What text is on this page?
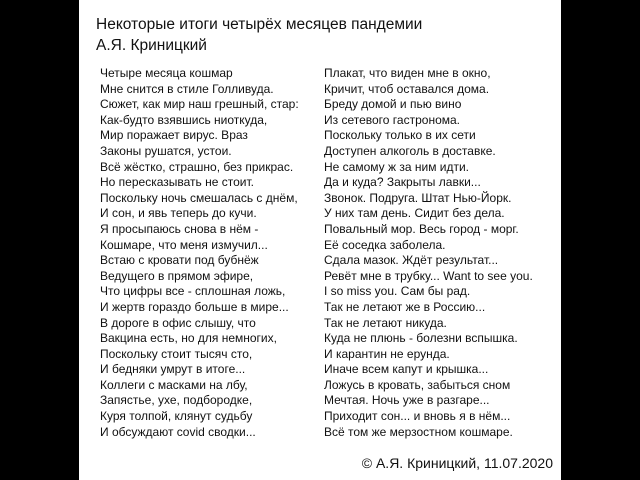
Некоторые итоги четырёх месяцев пандемии
А.Я. Криницкий
Четыре месяца кошмар
Мне снится в стиле Голливуда.
Сюжет, как мир наш грешный, стар:
Как-будто взявшись ниоткуда,
Мир поражает вирус. Враз
Законы рушатся, устои.
Всё жёстко, страшно, без прикрас.
Но пересказывать не стоит.
Поскольку ночь смешалась с днём,
И сон, и явь теперь до кучи.
Я просыпаюсь снова в нём -
Кошмаре, что меня измучил...
Встаю с кровати под бубнёж
Ведущего в прямом эфире,
Что цифры все - сплошная ложь,
И жертв гораздо больше в мире...
В дороге в офис слышу, что
Вакцина есть, но для немногих,
Поскольку стоит тысяч сто,
И бедняки умрут в итоге...
Коллеги с масками на лбу,
Запястье, ухе, подбородке,
Куря толпой, клянут судьбу
И обсуждают covid сводки...
Плакат, что виден мне в окно,
Кричит, чтоб оставался дома.
Бреду домой и пью вино
Из сетевого гастронома.
Поскольку только в их сети
Доступен алкоголь в доставке.
Не самому ж за ним идти.
Да и куда? Закрыты лавки...
Звонок. Подруга. Штат Нью-Йорк.
У них там день. Сидит без дела.
Повальный мор. Весь город - морг.
Её соседка заболела.
Сдала мазок. Ждёт результат...
Ревёт мне в трубку... Want to see you.
I so miss you. Сам бы рад.
Так не летают же в Россию...
Так не летают никуда.
Куда не плюнь - болезни вспышка.
И карантин не ерунда.
Иначе всем капут и крышка...
Ложусь в кровать, забыться сном
Мечтая. Ночь уже в разгаре...
Приходит сон... и вновь я в нём...
Всё том же мерзостном кошмаре.
© А.Я. Криницкий, 11.07.2020
